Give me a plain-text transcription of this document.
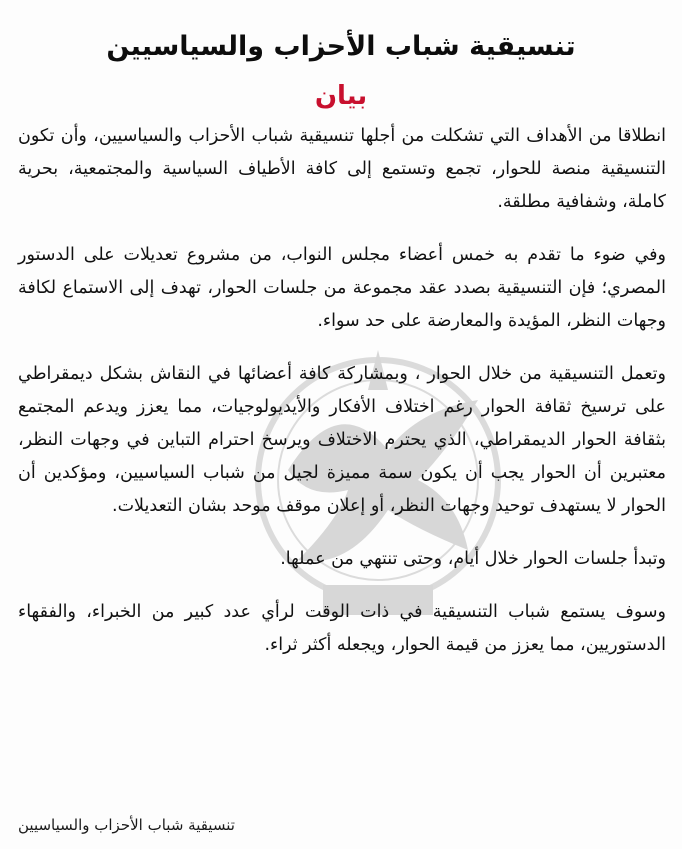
تنسيقية شباب الأحزاب والسياسيين
بيان

انطلاقا من الأهداف التي تشكلت من أجلها تنسيقية شباب الأحزاب والسياسيين، وأن تكون التنسيقية منصة للحوار، تجمع وتستمع إلى كافة الأطياف السياسية والمجتمعية، بحرية كاملة، وشفافية مطلقة.

وفي ضوء ما تقدم به خمس أعضاء مجلس النواب، من مشروع تعديلات على الدستور المصري؛ فإن التنسيقية بصدد عقد مجموعة من جلسات الحوار، تهدف إلى الاستماع لكافة وجهات النظر، المؤيدة والمعارضة على حد سواء.

وتعمل التنسيقية من خلال الحوار ، وبمشاركة كافة أعضائها في النقاش بشكل ديمقراطي على ترسيخ ثقافة الحوار رغم اختلاف الأفكار والأيديولوجيات، مما يعزز ويدعم المجتمع بثقافة الحوار الديمقراطي، الذي يحترم الاختلاف ويرسخ احترام التباين في وجهات النظر، معتبرين أن الحوار يجب أن يكون سمة مميزة لجيل من شباب السياسيين، ومؤكدين أن الحوار لا يستهدف توحيد وجهات النظر، أو إعلان موقف موحد بشان التعديلات.

وتبدأ جلسات الحوار خلال أيام، وحتى تنتهي من عملها.

وسوف يستمع شباب التنسيقية في ذات الوقت لرأي عدد كبير من الخبراء، والفقهاء الدستوريين، مما يعزز من قيمة الحوار، ويجعله أكثر ثراء.

تنسيقية شباب الأحزاب والسياسيين
